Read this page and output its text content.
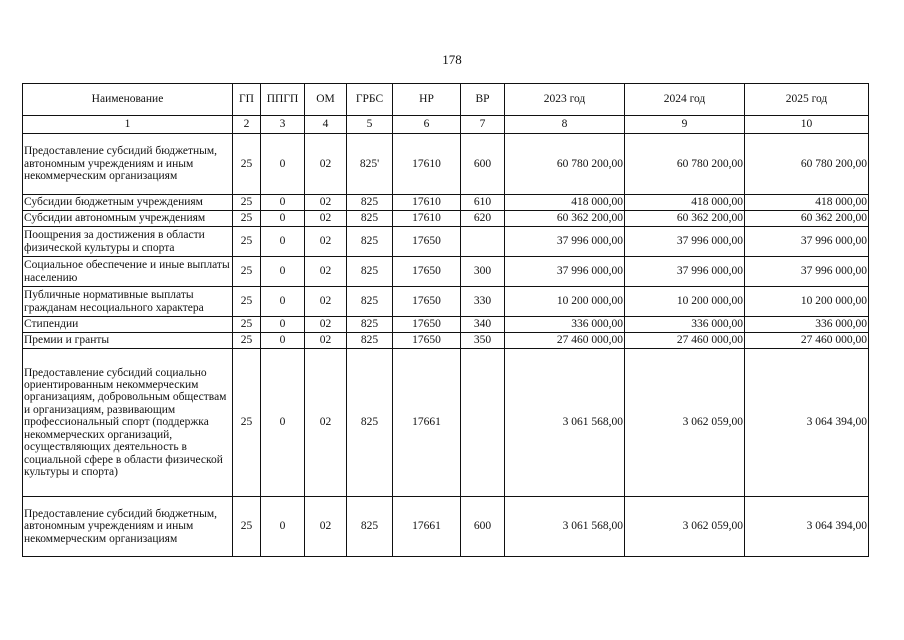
178
Наименование	ГП	ППГП	ОМ	ГРБС	НР	ВР	2023 год	2024 год	2025 год
1	2	3	4	5	6	7	8	9	10
Предоставление субсидий бюджетным, автономным учреждениям и иным некоммерческим организациям	25	0	02	825'	17610	600	60 780 200,00	60 780 200,00	60 780 200,00
Субсидии бюджетным учреждениям	25	0	02	825	17610	610	418 000,00	418 000,00	418 000,00
Субсидии автономным учреждениям	25	0	02	825	17610	620	60 362 200,00	60 362 200,00	60 362 200,00
Поощрения за достижения в области физической культуры и спорта	25	0	02	825	17650		37 996 000,00	37 996 000,00	37 996 000,00
Социальное обеспечение и иные выплаты населению	25	0	02	825	17650	300	37 996 000,00	37 996 000,00	37 996 000,00
Публичные нормативные выплаты гражданам несоциального характера	25	0	02	825	17650	330	10 200 000,00	10 200 000,00	10 200 000,00
Стипендии	25	0	02	825	17650	340	336 000,00	336 000,00	336 000,00
Премии и гранты	25	0	02	825	17650	350	27 460 000,00	27 460 000,00	27 460 000,00
Предоставление субсидий социально ориентированным некоммерческим организациям, добровольным обществам и организациям, развивающим профессиональный спорт (поддержка некоммерческих организаций, осуществляющих деятельность в социальной сфере в области физической культуры и спорта)	25	0	02	825	17661		3 061 568,00	3 062 059,00	3 064 394,00
Предоставление субсидий бюджетным, автономным учреждениям и иным некоммерческим организациям	25	0	02	825	17661	600	3 061 568,00	3 062 059,00	3 064 394,00
